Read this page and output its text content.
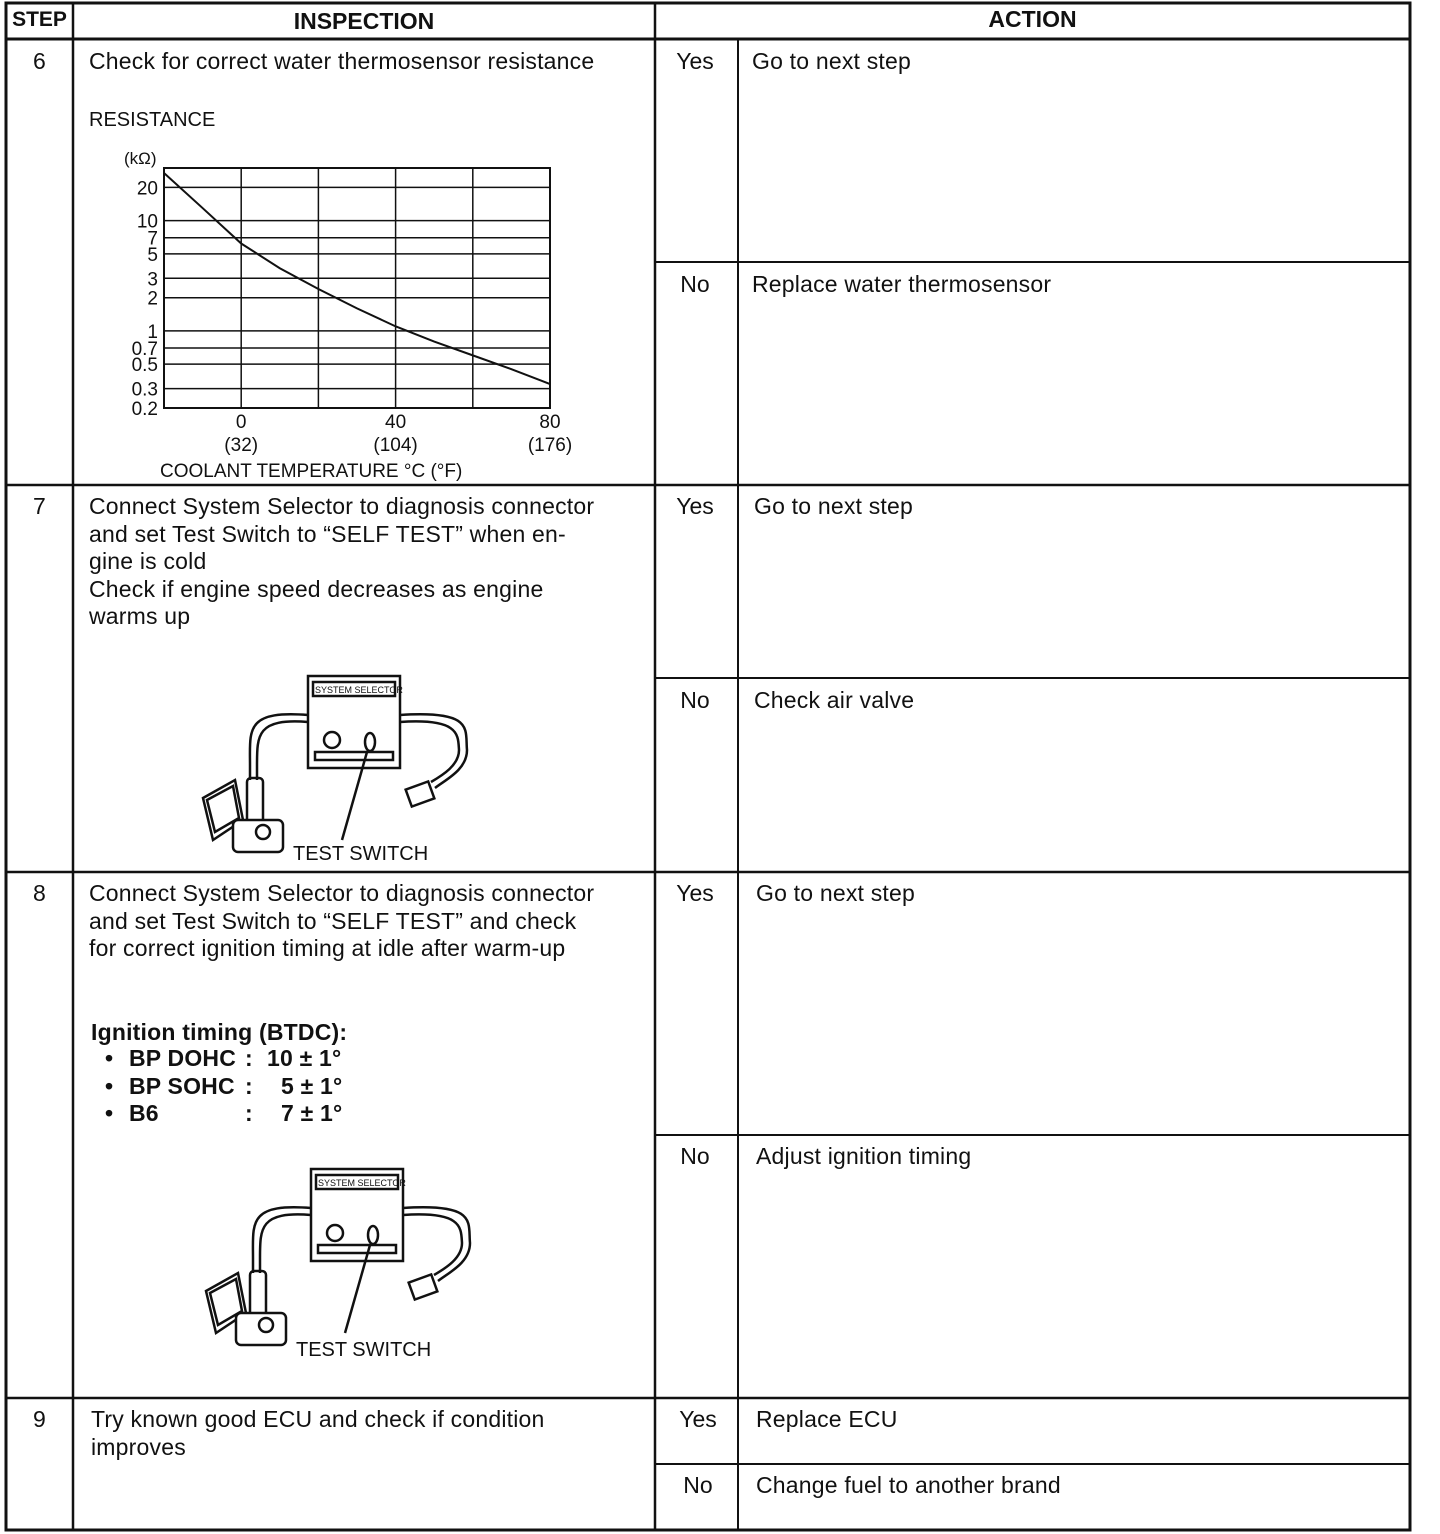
STEP	INSPECTION	ACTION
6	Check for correct water thermosensor resistance	Yes	Go to next step
No	Replace water thermosensor
RESISTANCE
20
10
7
5
3
2
1
0.7
0.5
0.3
0.2
(kΩ)
0
(32)
40
(104)
80
(176)
COOLANT TEMPERATURE °C (°F)
7	Connect System Selector to diagnosis connector
and set Test Switch to “SELF TEST” when en-
gine is cold
Check if engine speed decreases as engine
warms up
Yes	Go to next step
No	Check air valve
SYSTEM SELECTOR
TEST SWITCH
8	Connect System Selector to diagnosis connector
and set Test Switch to “SELF TEST” and check
for correct ignition timing at idle after warm-up
Ignition timing (BTDC):
• BP DOHC : 10 ± 1°
• BP SOHC :	5 ± 1°
• B6	:	7 ± 1°
Yes	Go to next step
No	Adjust ignition timing
SYSTEM SELECTOR
TEST SWITCH
9	Try known good ECU and check if condition
improves
Yes	Replace ECU
No	Change fuel to another brand
